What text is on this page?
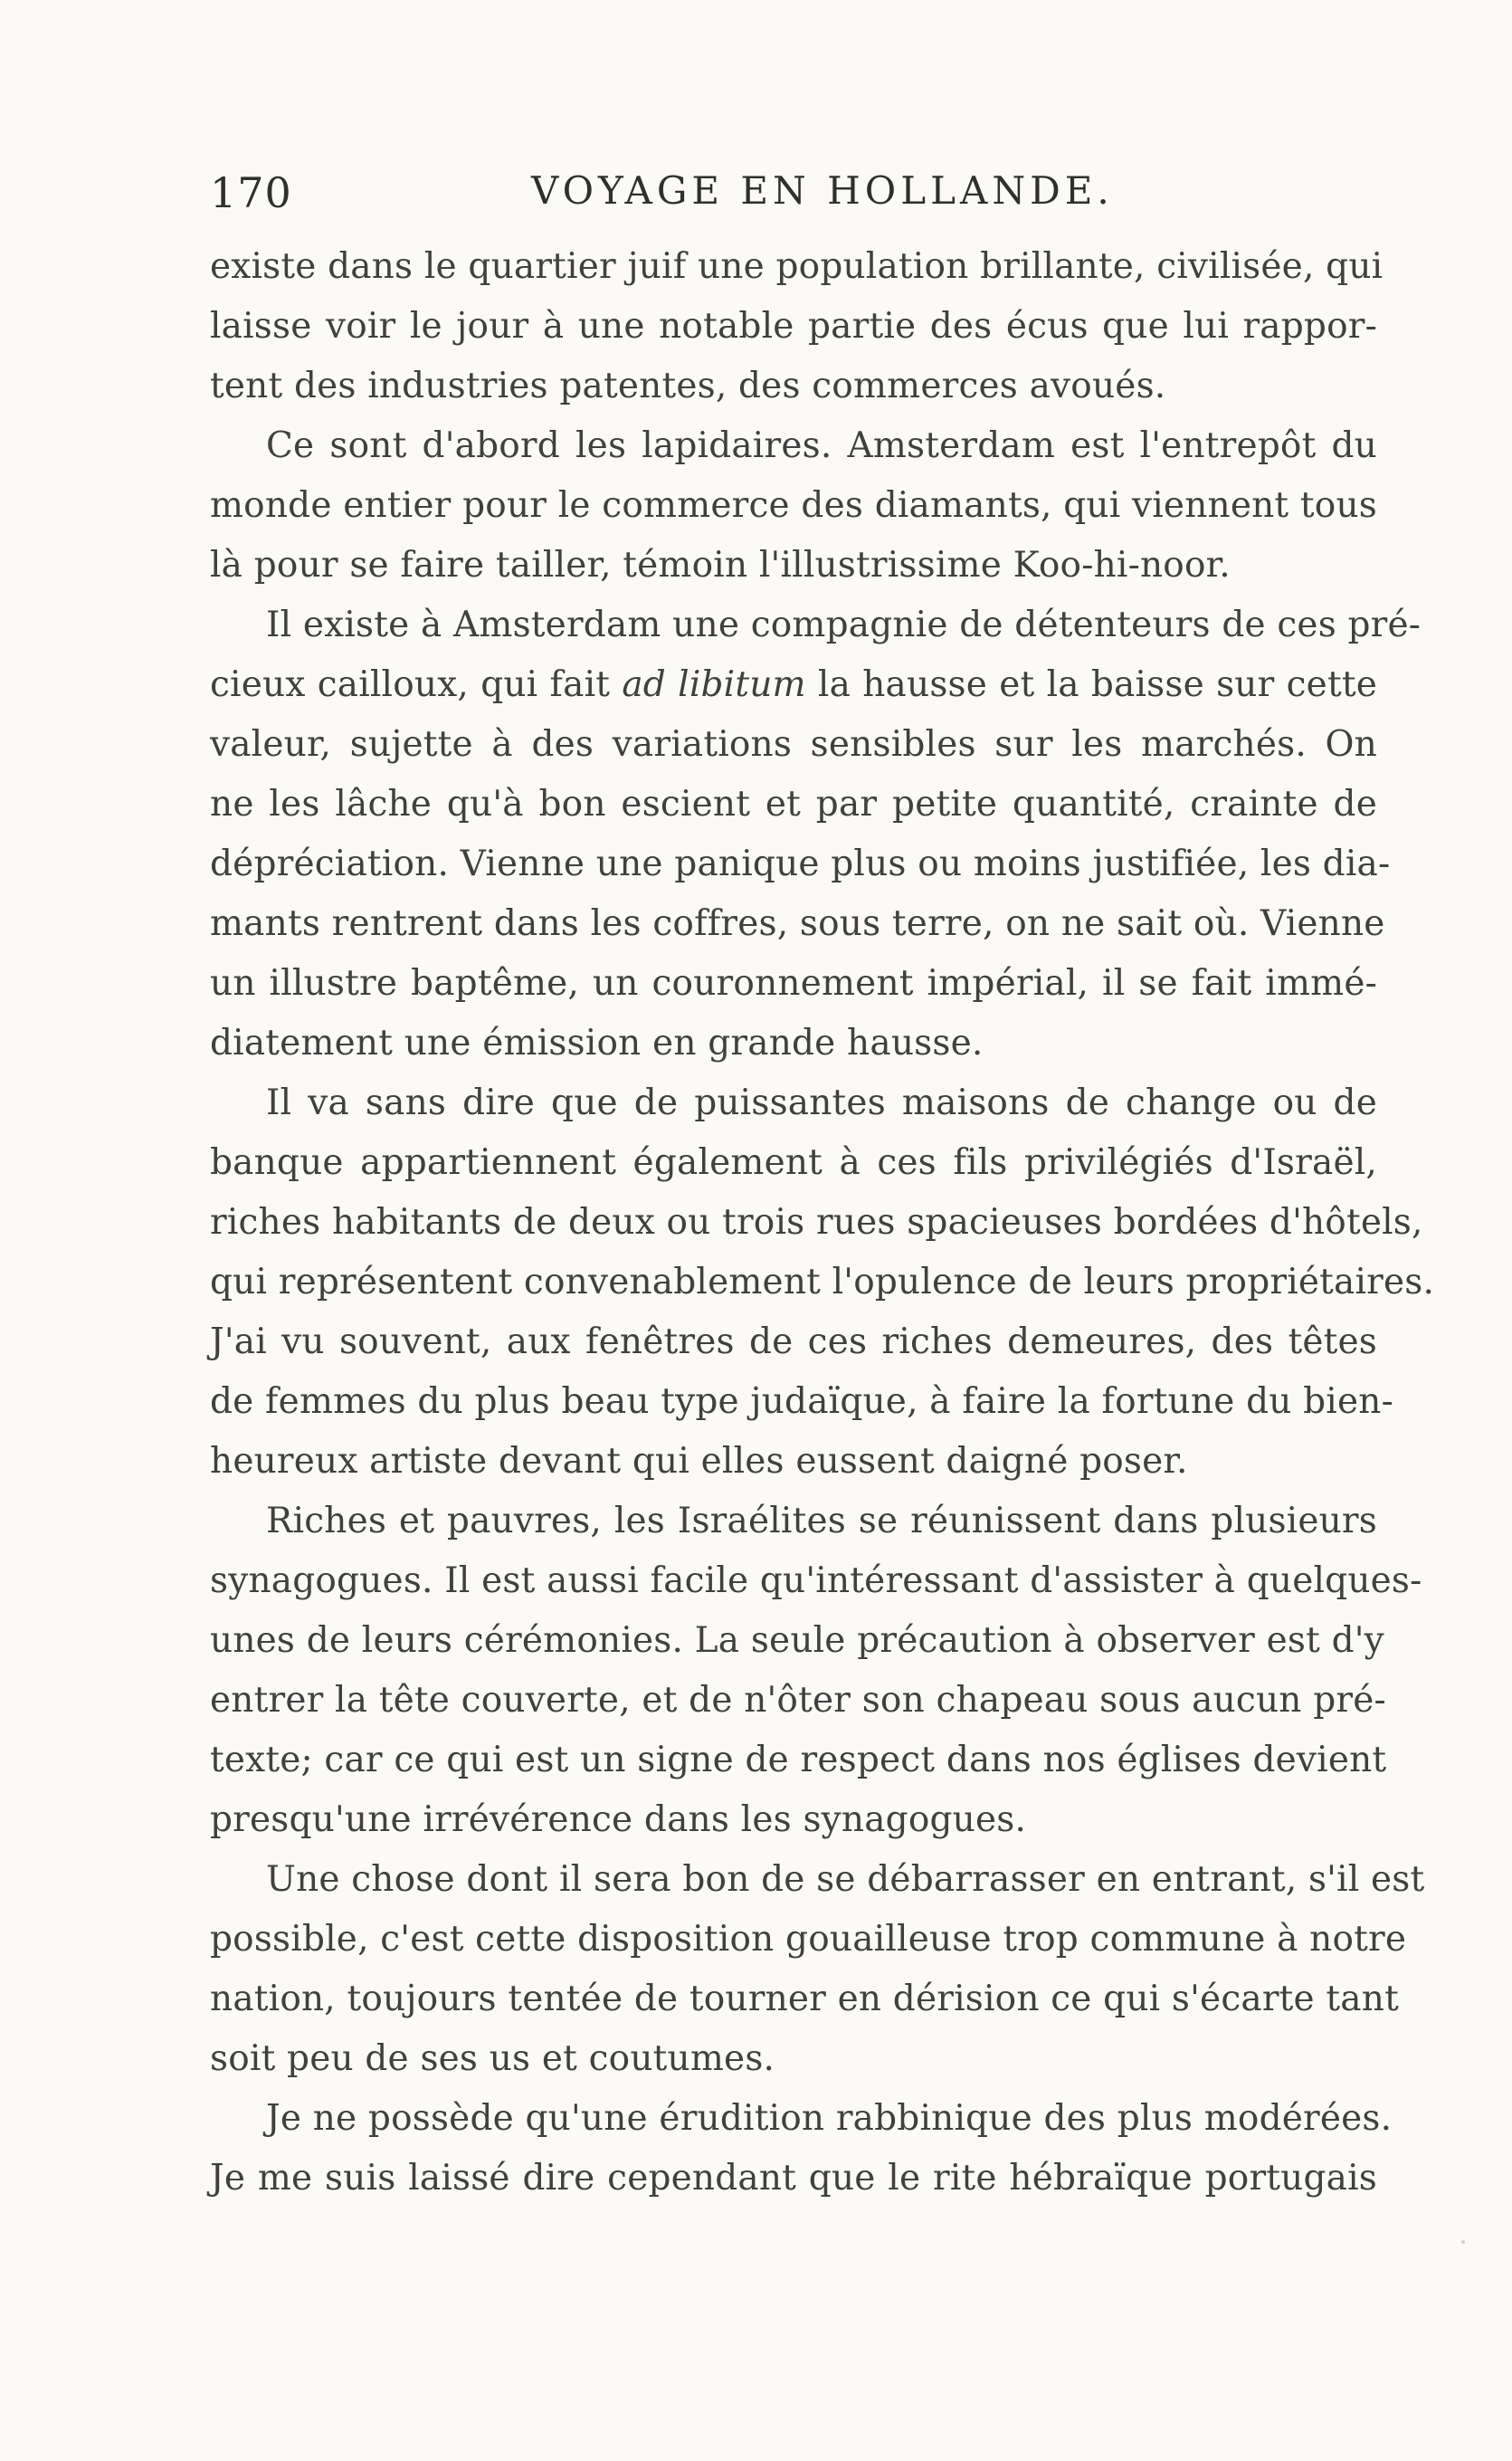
170	VOYAGE EN HOLLANDE.
existe dans le quartier juif une population brillante, civilisée, qui
laisse voir le jour à une notable partie des écus que lui rappor-
tent des industries patentes, des commerces avoués.
Ce sont d'abord les lapidaires. Amsterdam est l'entrepôt du
monde entier pour le commerce des diamants, qui viennent tous
là pour se faire tailler, témoin l'illustrissime Koo-hi-noor.
Il existe à Amsterdam une compagnie de détenteurs de ces pré-
cieux cailloux, qui fait ad libitum la hausse et la baisse sur cette
valeur, sujette à des variations sensibles sur les marchés. On
ne les lâche qu'à bon escient et par petite quantité, crainte de
dépréciation. Vienne une panique plus ou moins justifiée, les dia-
mants rentrent dans les coffres, sous terre, on ne sait où. Vienne
un illustre baptême, un couronnement impérial, il se fait immé-
diatement une émission en grande hausse.
Il va sans dire que de puissantes maisons de change ou de
banque appartiennent également à ces fils privilégiés d'Israël,
riches habitants de deux ou trois rues spacieuses bordées d'hôtels,
qui représentent convenablement l'opulence de leurs propriétaires.
J'ai vu souvent, aux fenêtres de ces riches demeures, des têtes
de femmes du plus beau type judaïque, à faire la fortune du bien-
heureux artiste devant qui elles eussent daigné poser.
Riches et pauvres, les Israélites se réunissent dans plusieurs
synagogues. Il est aussi facile qu'intéressant d'assister à quelques-
unes de leurs cérémonies. La seule précaution à observer est d'y
entrer la tête couverte, et de n'ôter son chapeau sous aucun pré-
texte; car ce qui est un signe de respect dans nos églises devient
presqu'une irrévérence dans les synagogues.
Une chose dont il sera bon de se débarrasser en entrant, s'il est
possible, c'est cette disposition gouailleuse trop commune à notre
nation, toujours tentée de tourner en dérision ce qui s'écarte tant
soit peu de ses us et coutumes.
Je ne possède qu'une érudition rabbinique des plus modérées.
Je me suis laissé dire cependant que le rite hébraïque portugais
